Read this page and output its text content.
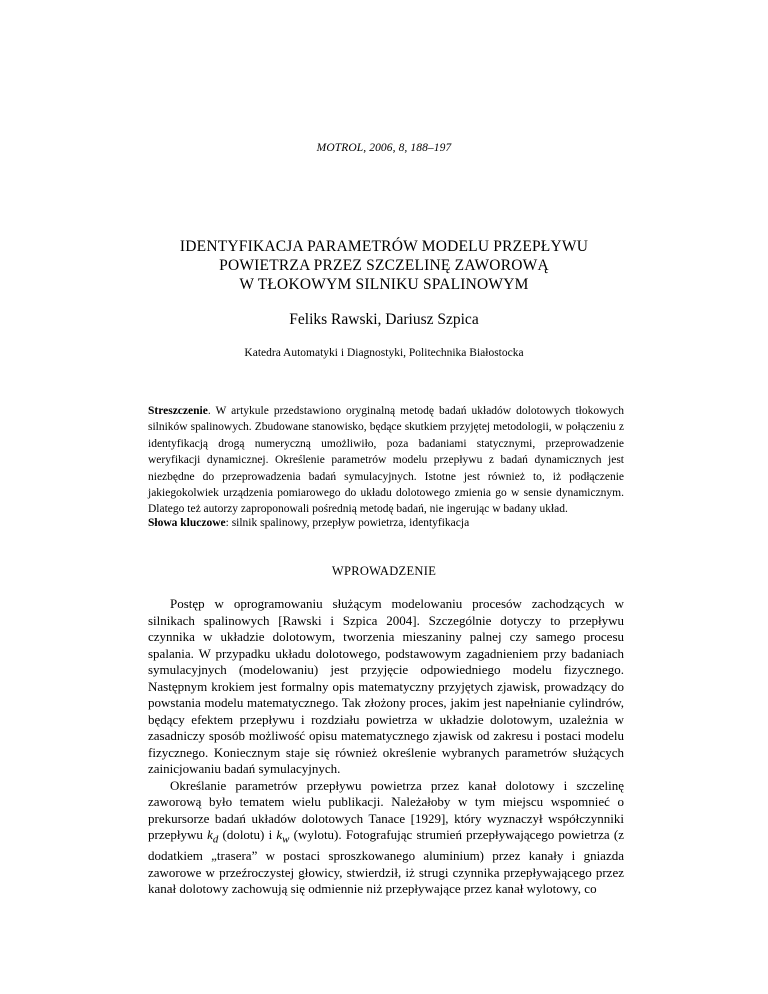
MOTROL, 2006, 8, 188–197
IDENTYFIKACJA PARAMETRÓW MODELU PRZEPŁYWU
POWIETRZA PRZEZ SZCZELINĘ ZAWOROWĄ
W TŁOKOWYM SILNIKU SPALINOWYM
Feliks Rawski, Dariusz Szpica
Katedra Automatyki i Diagnostyki, Politechnika Białostocka
Streszczenie. W artykule przedstawiono oryginalną metodę badań układów dolotowych tłokowych silników spalinowych. Zbudowane stanowisko, będące skutkiem przyjętej metodologii, w połączeniu z identyfikacją drogą numeryczną umożliwiło, poza badaniami statycznymi, przeprowadzenie weryfikacji dynamicznej. Określenie parametrów modelu przepływu z badań dynamicznych jest niezbędne do przeprowadzenia badań symulacyjnych. Istotne jest również to, iż podłączenie jakiegokolwiek urządzenia pomiarowego do układu dolotowego zmienia go w sensie dynamicznym. Dlatego też autorzy zaproponowali pośrednią metodę badań, nie ingerując w badany układ.
Słowa kluczowe: silnik spalinowy, przepływ powietrza, identyfikacja
WPROWADZENIE

Postęp w oprogramowaniu służącym modelowaniu procesów zachodzących w silnikach spalinowych [Rawski i Szpica 2004]. Szczególnie dotyczy to przepływu czynnika w układzie dolotowym, tworzenia mieszaniny palnej czy samego procesu spalania. W przypadku układu dolotowego, podstawowym zagadnieniem przy badaniach symulacyjnych (modelowaniu) jest przyjęcie odpowiedniego modelu fizycznego. Następnym krokiem jest formalny opis matematyczny przyjętych zjawisk, prowadzący do powstania modelu matematycznego. Tak złożony proces, jakim jest napełnianie cylindrów, będący efektem przepływu i rozdziału powietrza w układzie dolotowym, uzależnia w zasadniczy sposób możliwość opisu matematycznego zjawisk od zakresu i postaci modelu fizycznego. Koniecznym staje się również określenie wybranych parametrów służących zainicjowaniu badań symulacyjnych.

Określanie parametrów przepływu powietrza przez kanał dolotowy i szczelinę zaworową było tematem wielu publikacji. Należałoby w tym miejscu wspomnieć o prekursorze badań układów dolotowych Tanace [1929], który wyznaczył współczynniki przepływu $k_d$ (dolotu) i $k_w$ (wylotu). Fotografując strumień przepływającego powietrza (z dodatkiem „trasera” w postaci sproszkowanego aluminium) przez kanały i gniazda zaworowe w przeźroczystej głowicy, stwierdził, iż strugi czynnika przepływającego przez kanał dolotowy zachowują się odmiennie niż przepływające przez kanał wylotowy, co
